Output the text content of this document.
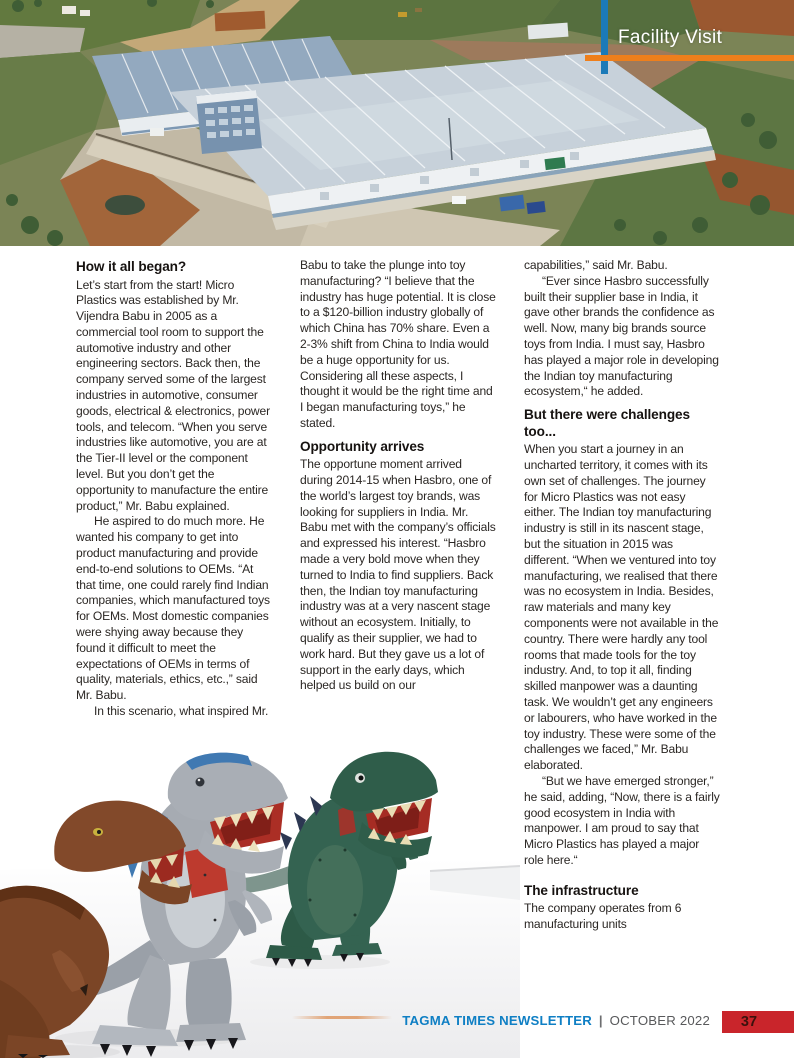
Facility Visit
How it all began?

Let’s start from the start! Micro Plastics was established by Mr. Vijendra Babu in 2005 as a commercial tool room to support the automotive industry and other engineering sectors. Back then, the company served some of the largest industries in automotive, consumer goods, electrical & electronics, power tools, and telecom. “When you serve industries like automotive, you are at the Tier-II level or the component level. But you don’t get the opportunity to manufacture the entire product,” Mr. Babu explained.

He aspired to do much more. He wanted his company to get into product manufacturing and provide end-to-end solutions to OEMs. “At that time, one could rarely find Indian companies, which manufactured toys for OEMs. Most domestic companies were shying away because they found it difficult to meet the expectations of OEMs in terms of quality, materials, ethics, etc.,” said Mr. Babu.

In this scenario, what inspired Mr.

Babu to take the plunge into toy manufacturing? “I believe that the industry has huge potential. It is close to a $120-billion industry globally of which China has 70% share. Even a 2-3% shift from China to India would be a huge opportunity for us. Considering all these aspects, I thought it would be the right time and I began manufacturing toys,” he stated.

Opportunity arrives

The opportune moment arrived during 2014-15 when Hasbro, one of the world’s largest toy brands, was looking for suppliers in India. Mr. Babu met with the company’s officials and expressed his interest. “Hasbro made a very bold move when they turned to India to find suppliers. Back then, the Indian toy manufacturing industry was at a very nascent stage without an ecosystem. Initially, to qualify as their supplier, we had to work hard. But they gave us a lot of support in the early days, which helped us build on our

capabilities,” said Mr. Babu.

“Ever since Hasbro successfully built their supplier base in India, it gave other brands the confidence as well. Now, many big brands source toys from India. I must say, Hasbro has played a major role in developing the Indian toy manufacturing ecosystem,“ he added.

But there were challenges too...

When you start a journey in an uncharted territory, it comes with its own set of challenges. The journey for Micro Plastics was not easy either. The Indian toy manufacturing industry is still in its nascent stage, but the situation in 2015 was different. “When we ventured into toy manufacturing, we realised that there was no ecosystem in India. Besides, raw materials and many key components were not available in the country. There were hardly any tool rooms that made tools for the toy industry. And, to top it all, finding skilled manpower was a daunting task. We wouldn’t get any engineers or labourers, who have worked in the toy industry. These were some of the challenges we faced,” Mr. Babu elaborated.

“But we have emerged stronger,” he said, adding, “Now, there is a fairly good ecosystem in India with manpower. I am proud to say that Micro Plastics has played a major role here.“

The infrastructure

The company operates from 6 manufacturing units

TAGMA TIMES NEWSLETTER | OCTOBER 2022	37
